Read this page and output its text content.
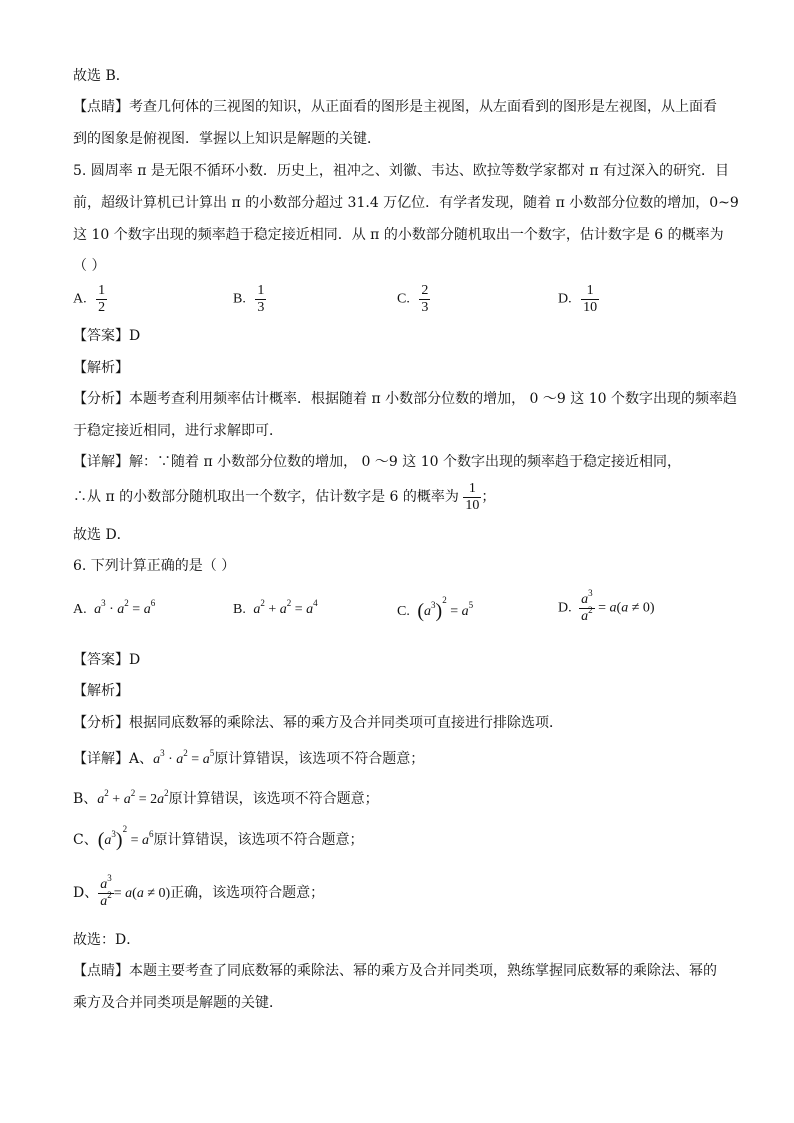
故选 B．
【点睛】考查几何体的三视图的知识，从正面看的图形是主视图，从左面看到的图形是左视图，从上面看
到的图象是俯视图．掌握以上知识是解题的关键．
5. 圆周率 π 是无限不循环小数．历史上，祖冲之、刘徽、韦达、欧拉等数学家都对 π 有过深入的研究．目
前，超级计算机已计算出 π 的小数部分超过 31.4 万亿位．有学者发现，随着 π 小数部分位数的增加，0~9
这 10 个数字出现的频率趋于稳定接近相同．从 π 的小数部分随机取出一个数字，估计数字是 6 的概率为
（ ）
A. $\frac{1}{2}$	B. $\frac{1}{3}$	C. $\frac{2}{3}$	D. $\frac{1}{10}$
【答案】D
【解析】
【分析】本题考查利用频率估计概率．根据随着 π 小数部分位数的增加， 0 ～9 这 10 个数字出现的频率趋
于稳定接近相同，进行求解即可．
【详解】解：∵随着 π 小数部分位数的增加， 0 ～9 这 10 个数字出现的频率趋于稳定接近相同，
∴从 π 的小数部分随机取出一个数字，估计数字是 6 的概率为 $\frac{1}{10}$ ；
故选 D．
6. 下列计算正确的是（ ）
A. $a^3 \cdot a^2 = a^6$	B. $a^2 + a^2 = a^4$
C. $(a^3)^2 = a^5$	D. $\frac{a^3}{a^2} = a(a \ne 0)$
【答案】D
【解析】
【分析】根据同底数幂的乘除法、幂的乘方及合并同类项可直接进行排除选项．
【详解】A、$a^3 \cdot a^2 = a^5$原计算错误，该选项不符合题意；
B、$a^2 + a^2 = 2a^2$原计算错误，该选项不符合题意；
C、$(a^3)^2 = a^6$原计算错误，该选项不符合题意；
D、 $\frac{a^3}{a^2} = a(a \ne 0)$正确，该选项符合题意；
故选：D．
【点睛】本题主要考查了同底数幂的乘除法、幂的乘方及合并同类项，熟练掌握同底数幂的乘除法、幂的
乘方及合并同类项是解题的关键．
